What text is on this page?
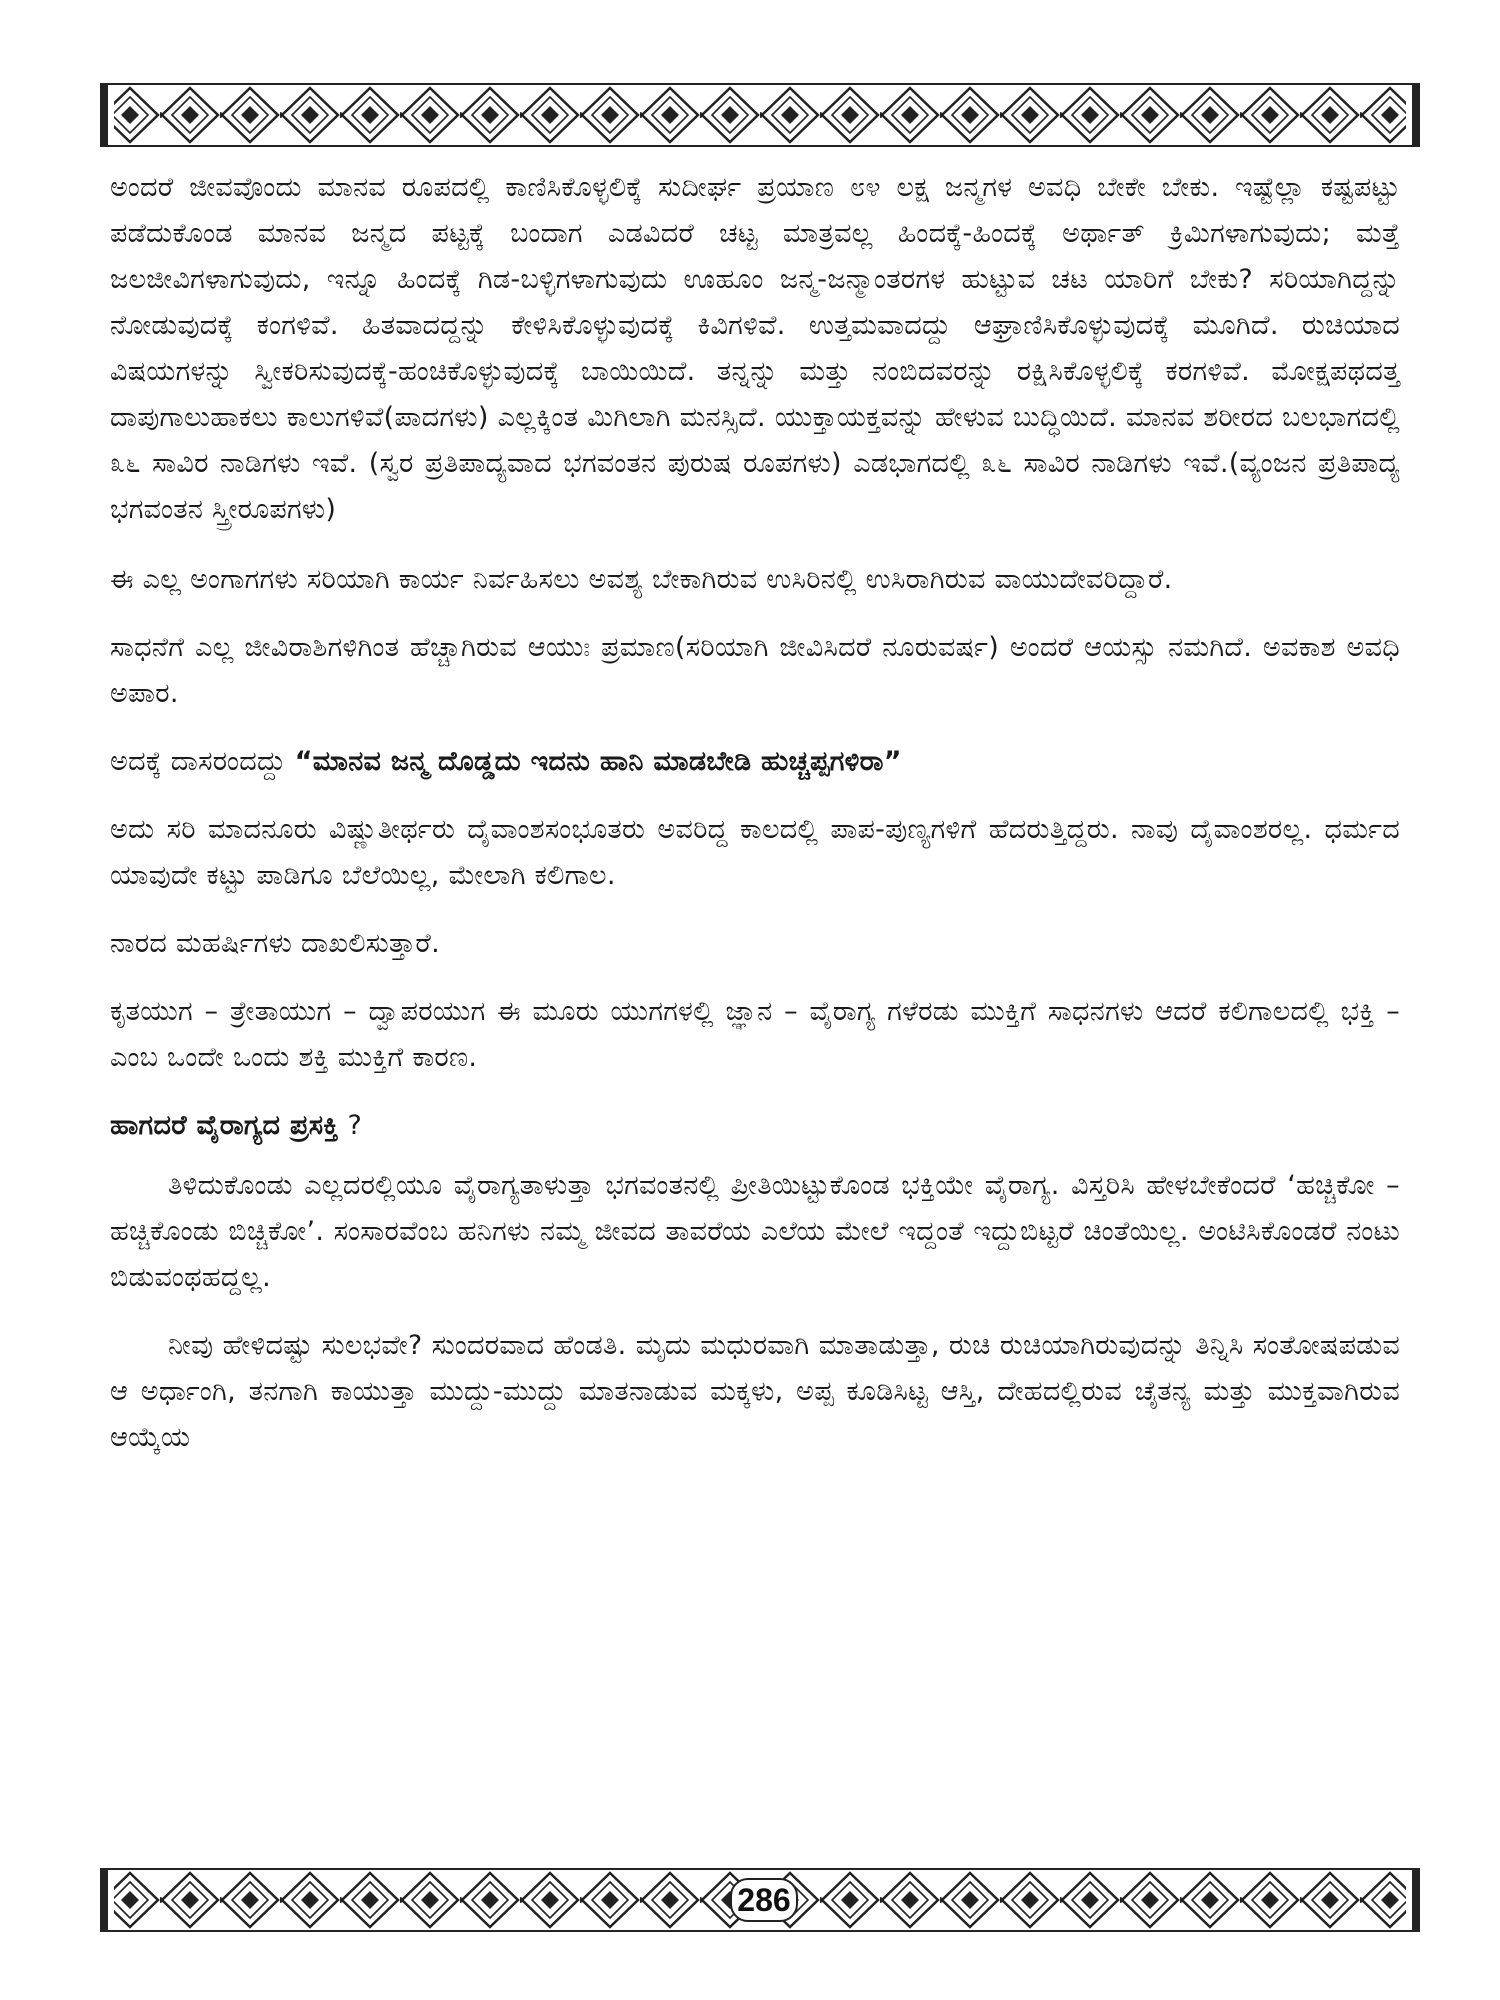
ಅಂದರೆ ಜೀವವೊಂದು ಮಾನವ ರೂಪದಲ್ಲಿ ಕಾಣಿಸಿಕೊಳ್ಳಲಿಕ್ಕೆ ಸುದೀರ್ಘ ಪ್ರಯಾಣ ೮೪ ಲಕ್ಷ ಜನ್ಮಗಳ ಅವಧಿ ಬೇಕೇ ಬೇಕು. ಇಷ್ಟೆಲ್ಲಾ ಕಷ್ಟಪಟ್ಟು ಪಡೆದುಕೊಂಡ ಮಾನವ ಜನ್ಮದ ಪಟ್ಟಕ್ಕೆ ಬಂದಾಗ ಎಡವಿದರೆ ಚಟ್ಟ ಮಾತ್ರವಲ್ಲ ಹಿಂದಕ್ಕೆ-ಹಿಂದಕ್ಕೆ ಅರ್ಥಾತ್ ಕ್ರಿಮಿಗಳಾಗುವುದು; ಮತ್ತೆ ಜಲಜೀವಿಗಳಾಗುವುದು, ಇನ್ನೂ ಹಿಂದಕ್ಕೆ ಗಿಡ-ಬಳ್ಳಿಗಳಾಗುವುದು ಊಹೂಂ ಜನ್ಮ-ಜನ್ಮಾಂತರಗಳ ಹುಟ್ಟುವ ಚಟ ಯಾರಿಗೆ ಬೇಕು? ಸರಿಯಾಗಿದ್ದನ್ನು ನೋಡುವುದಕ್ಕೆ ಕಂಗಳಿವೆ. ಹಿತವಾದದ್ದನ್ನು ಕೇಳಿಸಿಕೊಳ್ಳುವುದಕ್ಕೆ ಕಿವಿಗಳಿವೆ. ಉತ್ತಮವಾದದ್ದು ಆಘ್ರಾಣಿಸಿಕೊಳ್ಳುವುದಕ್ಕೆ ಮೂಗಿದೆ. ರುಚಿಯಾದ ವಿಷಯಗಳನ್ನು ಸ್ವೀಕರಿಸುವುದಕ್ಕೆ-ಹಂಚಿಕೊಳ್ಳುವುದಕ್ಕೆ ಬಾಯಿಯಿದೆ. ತನ್ನನ್ನು ಮತ್ತು ನಂಬಿದವರನ್ನು ರಕ್ಷಿಸಿಕೊಳ್ಳಲಿಕ್ಕೆ ಕರಗಳಿವೆ. ಮೋಕ್ಷಪಥದತ್ತ ದಾಪುಗಾಲುಹಾಕಲು ಕಾಲುಗಳಿವೆ(ಪಾದಗಳು) ಎಲ್ಲಕ್ಕಿಂತ ಮಿಗಿಲಾಗಿ ಮನಸ್ಸಿದೆ. ಯುಕ್ತಾಯಕ್ತವನ್ನು ಹೇಳುವ ಬುದ್ಧಿಯಿದೆ. ಮಾನವ ಶರೀರದ ಬಲಭಾಗದಲ್ಲಿ ೩೬ ಸಾವಿರ ನಾಡಿಗಳು ಇವೆ. (ಸ್ವರ ಪ್ರತಿಪಾದ್ಯವಾದ ಭಗವಂತನ ಪುರುಷ ರೂಪಗಳು) ಎಡಭಾಗದಲ್ಲಿ ೩೬ ಸಾವಿರ ನಾಡಿಗಳು ಇವೆ.(ವ್ಯಂಜನ ಪ್ರತಿಪಾದ್ಯ ಭಗವಂತನ ಸ್ತ್ರೀರೂಪಗಳು)

ಈ ಎಲ್ಲ ಅಂಗಾಗಗಳು ಸರಿಯಾಗಿ ಕಾರ್ಯ ನಿರ್ವಹಿಸಲು ಅವಶ್ಯ ಬೇಕಾಗಿರುವ ಉಸಿರಿನಲ್ಲಿ ಉಸಿರಾಗಿರುವ ವಾಯುದೇವರಿದ್ದಾರೆ.

ಸಾಧನೆಗೆ ಎಲ್ಲ ಜೀವಿರಾಶಿಗಳಿಗಿಂತ ಹೆಚ್ಚಾಗಿರುವ ಆಯುಃ ಪ್ರಮಾಣ(ಸರಿಯಾಗಿ ಜೀವಿಸಿದರೆ ನೂರುವರ್ಷ) ಅಂದರೆ ಆಯಸ್ಸು ನಮಗಿದೆ. ಅವಕಾಶ ಅವಧಿ ಅಪಾರ.

ಅದಕ್ಕೆ ದಾಸರಂದದ್ದು “ಮಾನವ ಜನ್ಮ ದೊಡ್ಡದು ಇದನು ಹಾನಿ ಮಾಡಬೇಡಿ ಹುಚ್ಚಪ್ಪಗಳಿರಾ”

ಅದು ಸರಿ ಮಾದನೂರು ವಿಷ್ಣುತೀರ್ಥರು ದೈವಾಂಶಸಂಭೂತರು ಅವರಿದ್ದ ಕಾಲದಲ್ಲಿ ಪಾಪ-ಪುಣ್ಯಗಳಿಗೆ ಹೆದರುತ್ತಿದ್ದರು. ನಾವು ದೈವಾಂಶರಲ್ಲ. ಧರ್ಮದ ಯಾವುದೇ ಕಟ್ಟು ಪಾಡಿಗೂ ಬೆಲೆಯಿಲ್ಲ, ಮೇಲಾಗಿ ಕಲಿಗಾಲ.

ನಾರದ ಮಹರ್ಷಿಗಳು ದಾಖಲಿಸುತ್ತಾರೆ.

ಕೃತಯುಗ – ತ್ರೇತಾಯುಗ – ದ್ವಾಪರಯುಗ ಈ ಮೂರು ಯುಗಗಳಲ್ಲಿ ಜ್ಞಾನ – ವೈರಾಗ್ಯ ಗಳೆರಡು ಮುಕ್ತಿಗೆ ಸಾಧನಗಳು ಆದರೆ ಕಲಿಗಾಲದಲ್ಲಿ ಭಕ್ತಿ – ಎಂಬ ಒಂದೇ ಒಂದು ಶಕ್ತಿ ಮುಕ್ತಿಗೆ ಕಾರಣ.

ಹಾಗದರೆ ವೈರಾಗ್ಯದ ಪ್ರಸಕ್ತಿ ?

ತಿಳಿದುಕೊಂಡು ಎಲ್ಲದರಲ್ಲಿಯೂ ವೈರಾಗ್ಯತಾಳುತ್ತಾ ಭಗವಂತನಲ್ಲಿ ಪ್ರೀತಿಯಿಟ್ಟುಕೊಂಡ ಭಕ್ತಿಯೇ ವೈರಾಗ್ಯ. ವಿಸ್ತರಿಸಿ ಹೇಳಬೇಕೆಂದರೆ ‘ಹಚ್ಚಿಕೋ – ಹಚ್ಚಿಕೊಂಡು ಬಿಚ್ಚಿಕೋ’. ಸಂಸಾರವೆಂಬ ಹನಿಗಳು ನಮ್ಮ ಜೀವದ ತಾವರೆಯ ಎಲೆಯ ಮೇಲೆ ಇದ್ದಂತೆ ಇದ್ದುಬಿಟ್ಟರೆ ಚಿಂತೆಯಿಲ್ಲ. ಅಂಟಿಸಿಕೊಂಡರೆ ನಂಟು ಬಿಡುವಂಥಹದ್ದಲ್ಲ.

ನೀವು ಹೇಳಿದಷ್ಟು ಸುಲಭವೇ? ಸುಂದರವಾದ ಹೆಂಡತಿ. ಮೃದು ಮಧುರವಾಗಿ ಮಾತಾಡುತ್ತಾ, ರುಚಿ ರುಚಿಯಾಗಿರುವುದನ್ನು ತಿನ್ನಿಸಿ ಸಂತೋಷಪಡುವ ಆ ಅರ್ಧಾಂಗಿ, ತನಗಾಗಿ ಕಾಯುತ್ತಾ ಮುದ್ದು-ಮುದ್ದು ಮಾತನಾಡುವ ಮಕ್ಕಳು, ಅಪ್ಪ ಕೂಡಿಸಿಟ್ಟ ಆಸ್ತಿ, ದೇಹದಲ್ಲಿರುವ ಚೈತನ್ಯ ಮತ್ತು ಮುಕ್ತವಾಗಿರುವ ಆಯ್ಕೆಯ

286
